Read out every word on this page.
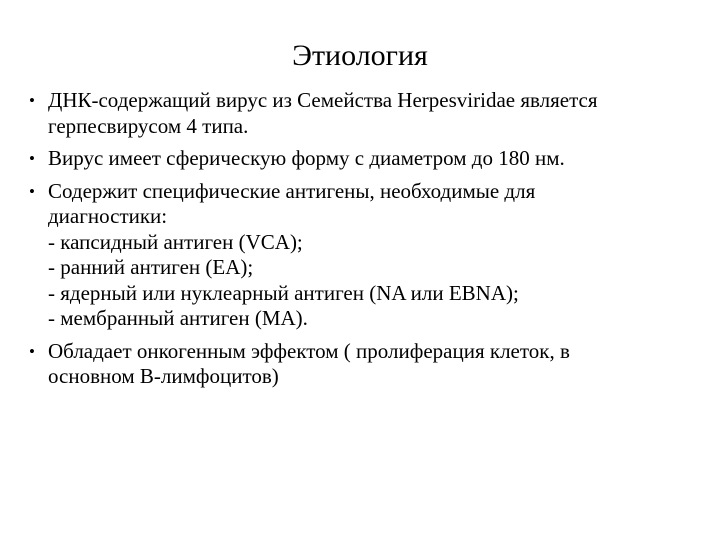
Этиология
• ДНК-содержащий вирус из Семейства Herpesviridae является
герпесвирусом 4 типа.
• Вирус имеет сферическую форму с диаметром до 180 нм.
• Содержит специфические антигены, необходимые для
диагностики:
- капсидный антиген (VCA);
- ранний антиген (EA);
- ядерный или нуклеарный антиген (NA или EBNA);
- мембранный антиген (MA).
• Обладает онкогенным эффектом ( пролиферация клеток, в
основном В-лимфоцитов)
